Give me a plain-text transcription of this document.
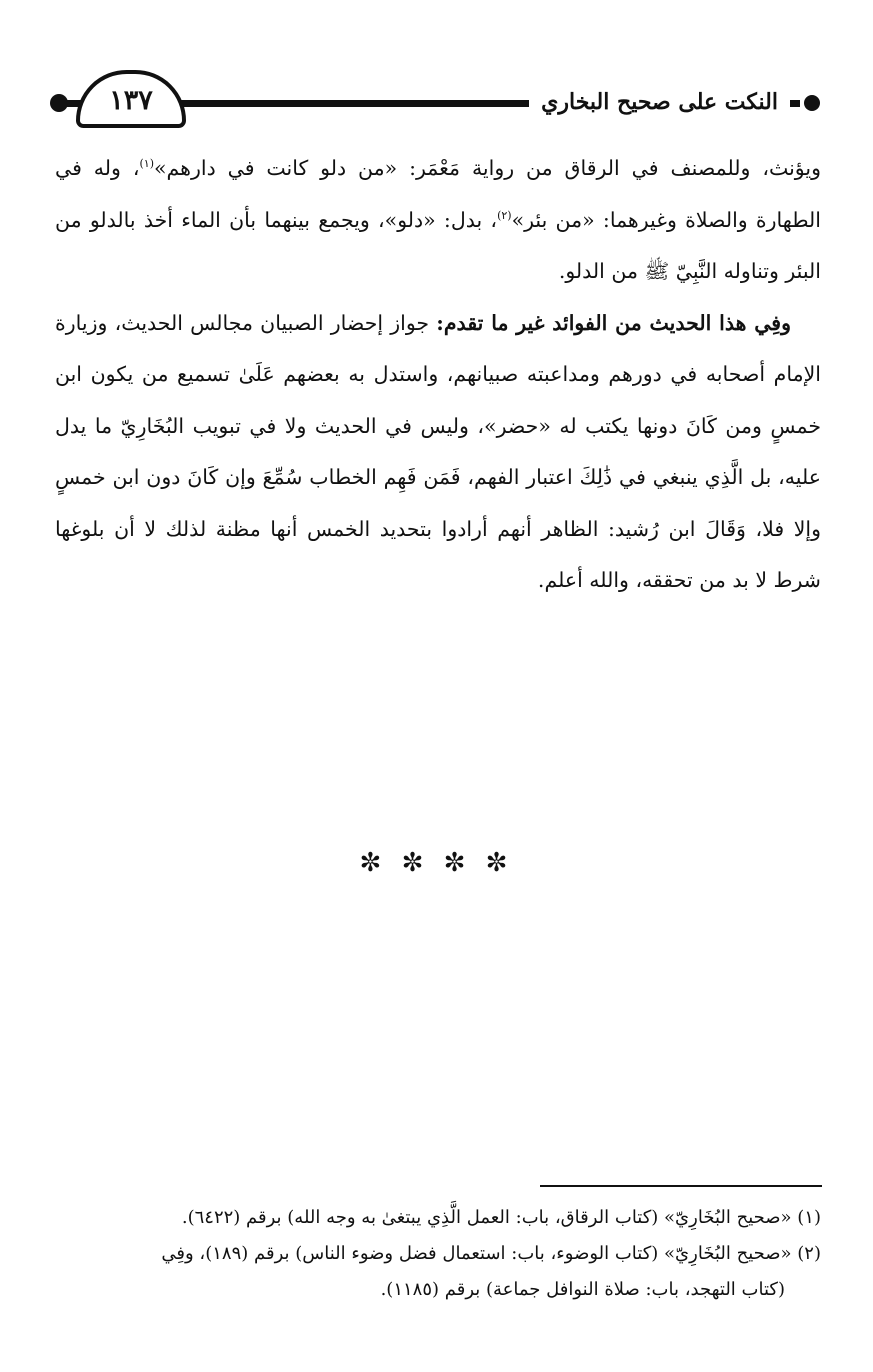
١٣٧	النكت على صحيح البخاري

ويؤنث، وللمصنف في الرقاق من رواية مَعْمَر: «من دلو كانت في دارهم»$^{(١)}$، وله في الطهارة والصلاة وغيرهما: «من بئر»$^{(٢)}$، بدل: «دلو»، ويجمع بينهما بأن الماء أخذ بالدلو من البئر وتناوله النَّبِيّ ﷺ من الدلو.

وفِي هذا الحديث من الفوائد غير ما تقدم: جواز إحضار الصبيان مجالس الحديث، وزيارة الإمام أصحابه في دورهم ومداعبته صبيانهم، واستدل به بعضهم عَلَىٰ تسميع من يكون ابن خمسٍ ومن كَانَ دونها يكتب له «حضر»، وليس في الحديث ولا في تبويب البُخَارِيّ ما يدل عليه، بل الَّذِي ينبغي في ذَٰلِكَ اعتبار الفهم، فَمَن فَهِم الخطاب سُمِّعَ وإن كَانَ دون ابن خمسٍ وإلا فلا، وَقَالَ ابن رُشيد: الظاهر أنهم أرادوا بتحديد الخمس أنها مظنة لذلك لا أن بلوغها شرط لا بد من تحققه، والله أعلم.

✼ ✼ ✼ ✼

(١) «صحيح البُخَارِيّ» (كتاب الرقاق، باب: العمل الَّذِي يبتغىٰ به وجه الله) برقم (٦٤٢٢).

(٢) «صحيح البُخَارِيّ» (كتاب الوضوء، باب: استعمال فضل وضوء الناس) برقم (١٨٩)، وفِي

(كتاب التهجد، باب: صلاة النوافل جماعة) برقم (١١٨٥).
